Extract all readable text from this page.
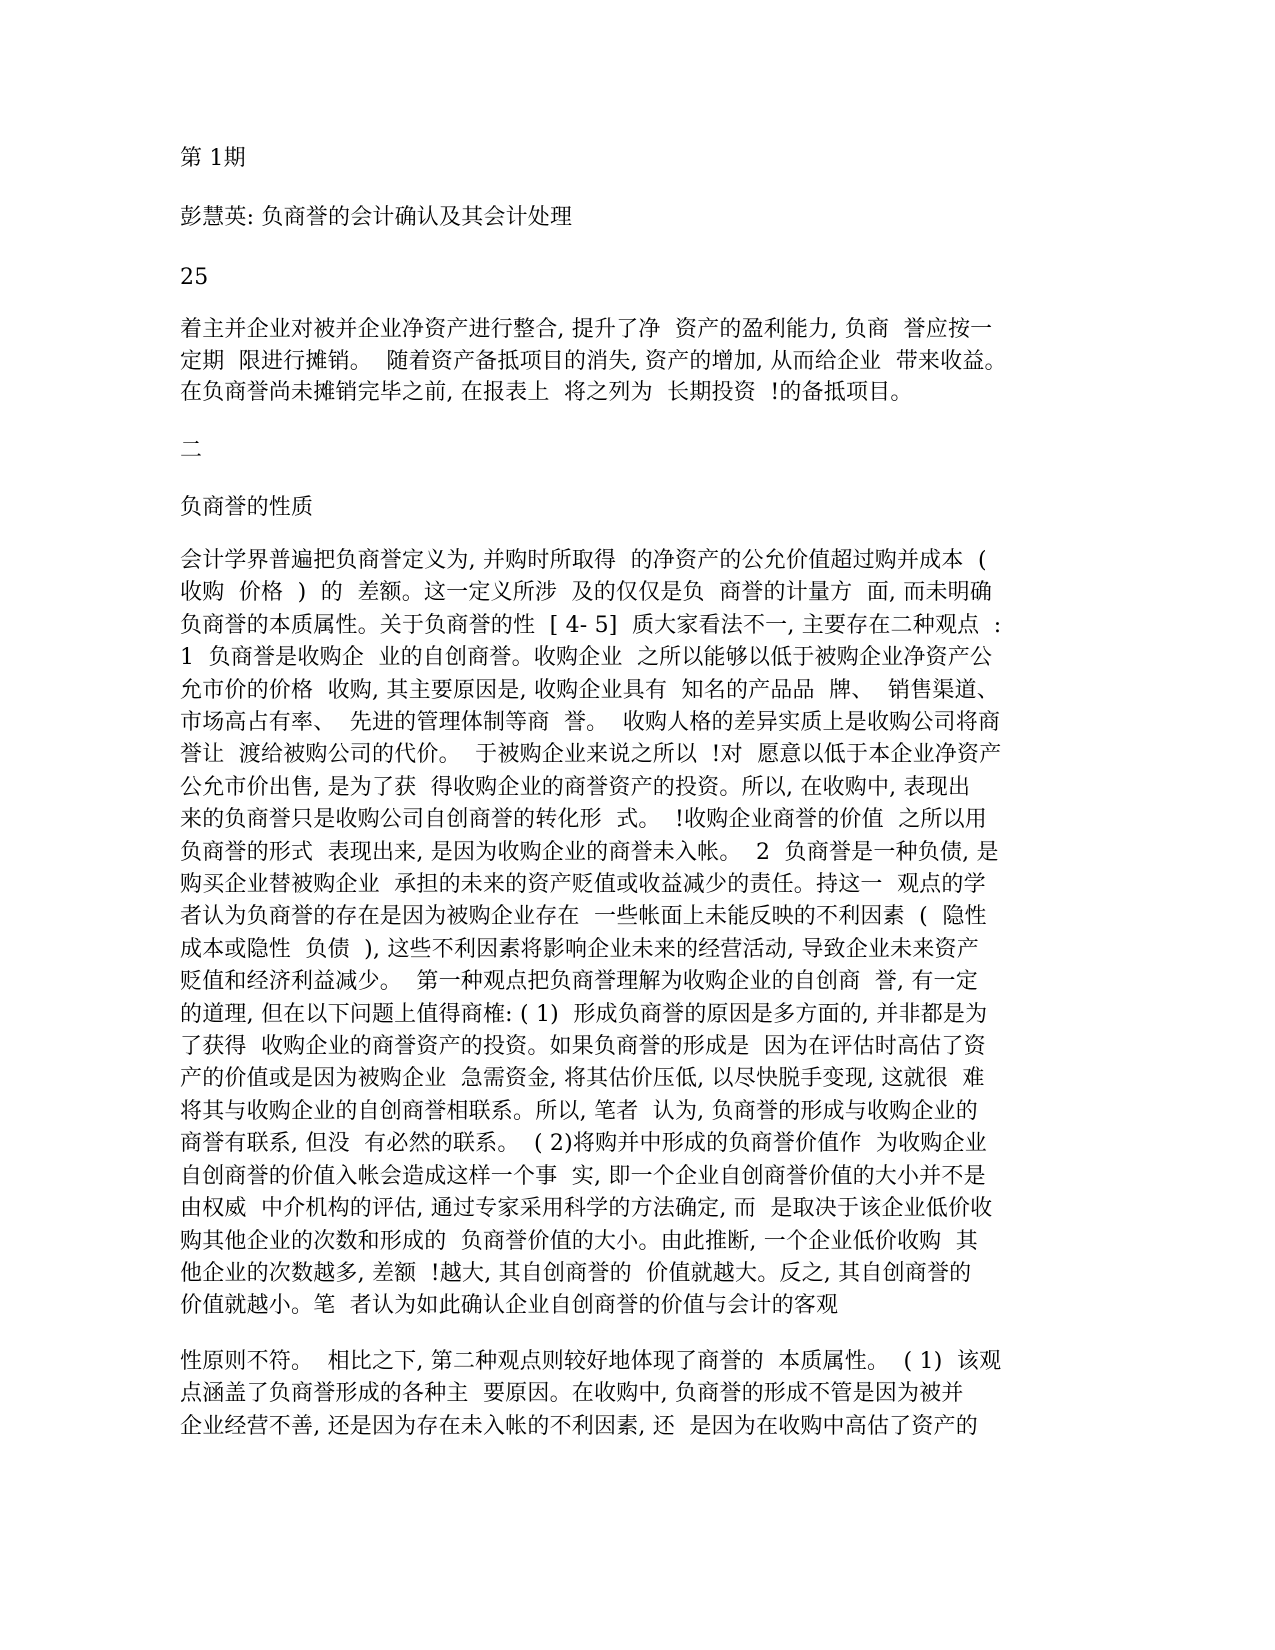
第 1期
彭慧英: 负商誉的会计确认及其会计处理
25
着主并企业对被并企业净资产进行整合, 提升了净  资产的盈利能力, 负商  誉应按一
定期  限进行摊销。  随着资产备抵项目的消失, 资产的增加, 从而给企业  带来收益。
在负商誉尚未摊销完毕之前, 在报表上  将之列为  长期投资  !的备抵项目。
二
负商誉的性质
会计学界普遍把负商誉定义为, 并购时所取得  的净资产的公允价值超过购并成本  (
收购  价格  )  的  差额。这一定义所涉  及的仅仅是负  商誉的计量方  面, 而未明确
负商誉的本质属性。关于负商誉的性  [ 4- 5]  质大家看法不一, 主要存在二种观点  :
1  负商誉是收购企  业的自创商誉。收购企业  之所以能够以低于被购企业净资产公
允市价的价格  收购, 其主要原因是, 收购企业具有  知名的产品品  牌、  销售渠道、
市场高占有率、  先进的管理体制等商  誉。  收购人格的差异实质上是收购公司将商
誉让  渡给被购公司的代价。  于被购企业来说之所以  !对  愿意以低于本企业净资产
公允市价出售, 是为了获  得收购企业的商誉资产的投资。所以, 在收购中, 表现出
来的负商誉只是收购公司自创商誉的转化形  式。  !收购企业商誉的价值  之所以用
负商誉的形式  表现出来, 是因为收购企业的商誉未入帐。  2  负商誉是一种负债, 是
购买企业替被购企业  承担的未来的资产贬值或收益减少的责任。持这一  观点的学
者认为负商誉的存在是因为被购企业存在  一些帐面上未能反映的不利因素  (  隐性
成本或隐性  负债  ), 这些不利因素将影响企业未来的经营活动, 导致企业未来资产
贬值和经济利益减少。  第一种观点把负商誉理解为收购企业的自创商  誉, 有一定
的道理, 但在以下问题上值得商榷: ( 1)  形成负商誉的原因是多方面的, 并非都是为
了获得  收购企业的商誉资产的投资。如果负商誉的形成是  因为在评估时高估了资
产的价值或是因为被购企业  急需资金, 将其估价压低, 以尽快脱手变现, 这就很  难
将其与收购企业的自创商誉相联系。所以, 笔者  认为, 负商誉的形成与收购企业的
商誉有联系, 但没  有必然的联系。  ( 2)将购并中形成的负商誉价值作  为收购企业
自创商誉的价值入帐会造成这样一个事  实, 即一个企业自创商誉价值的大小并不是
由权威  中介机构的评估, 通过专家采用科学的方法确定, 而  是取决于该企业低价收
购其他企业的次数和形成的  负商誉价值的大小。由此推断, 一个企业低价收购  其
他企业的次数越多, 差额  !越大, 其自创商誉的  价值就越大。反之, 其自创商誉的
价值就越小。笔  者认为如此确认企业自创商誉的价值与会计的客观
性原则不符。  相比之下, 第二种观点则较好地体现了商誉的  本质属性。  ( 1)  该观
点涵盖了负商誉形成的各种主  要原因。在收购中, 负商誉的形成不管是因为被并
企业经营不善, 还是因为存在未入帐的不利因素, 还  是因为在收购中高估了资产的
